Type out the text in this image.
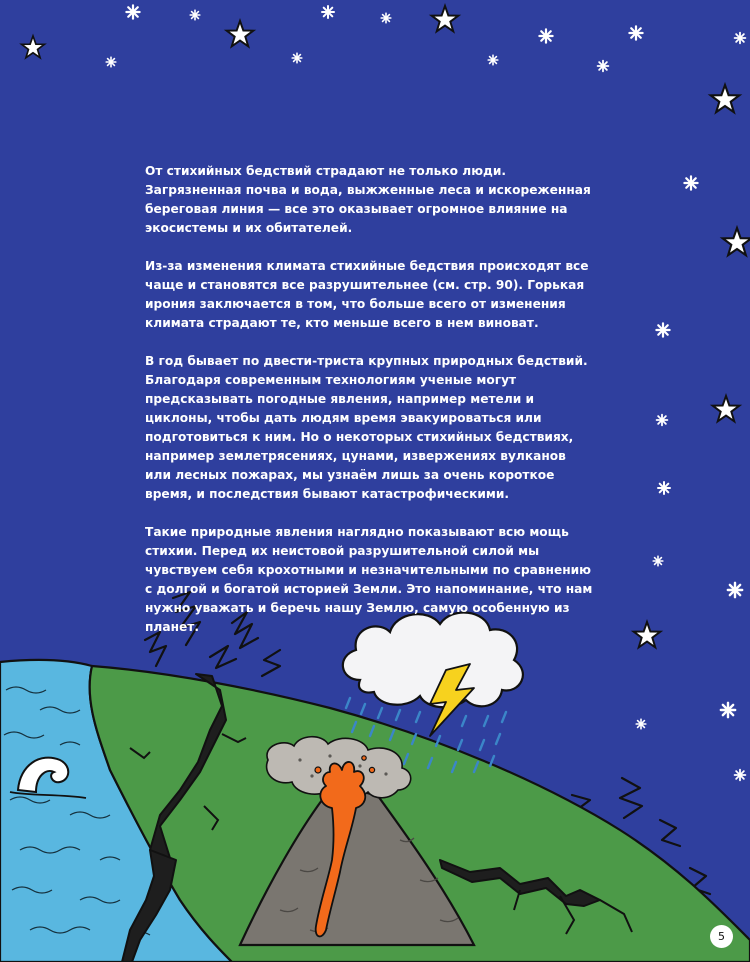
От стихийных бедствий страдают не только люди. Загрязненная почва и вода, выжженные леса и искореженная береговая линия — все это оказывает огромное влияние на экосистемы и их обитателей.

Из-за изменения климата стихийные бедствия происходят все чаще и становятся все разрушительнее (см. стр. 90). Горькая ирония заключается в том, что больше всего от изменения климата страдают те, кто меньше всего в нем виноват.

В год бывает по двести-триста крупных природных бедствий. Благодаря современным технологиям ученые могут предсказывать погодные явления, например метели и циклоны, чтобы дать людям время эвакуироваться или подготовиться к ним. Но о некоторых стихийных бедствиях, например землетрясениях, цунами, извержениях вулканов или лесных пожарах, мы узнаём лишь за очень короткое время, и последствия бывают катастрофическими.

Такие природные явления наглядно показывают всю мощь стихии. Перед их неистовой разрушительной силой мы чувствуем себя крохотными и незначительными по сравнению с долгой и богатой историей Земли. Это напоминание, что нам нужно уважать и беречь нашу Землю, самую особенную из планет.

5
